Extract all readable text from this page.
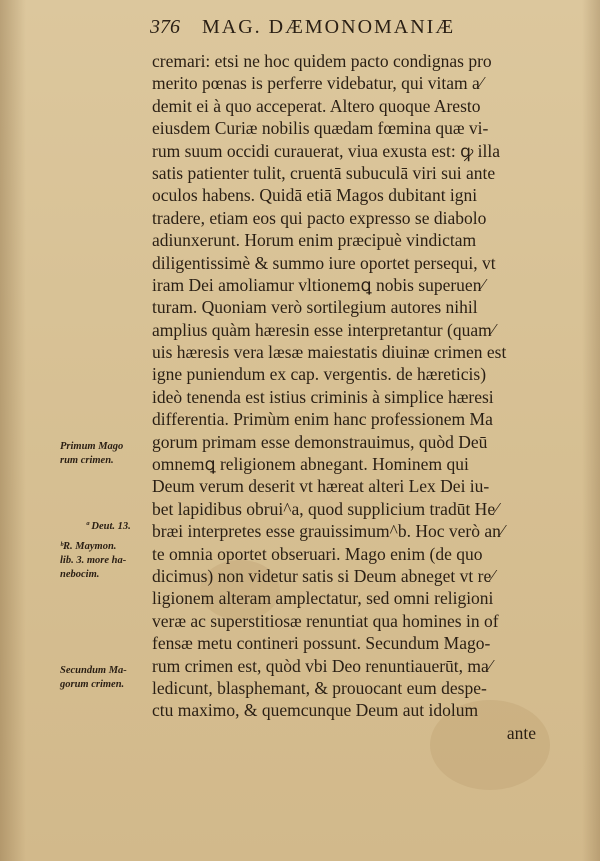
376 MAG. DÆMONOMANIÆ
cremari: etsi ne hoc quidem pacto condignas pro
merito pœnas is perferre videbatur, qui vitam a⁄
demit ei à quo acceperat. Altero quoque Aresto
eiusdem Curiæ nobilis quædam fœmina quæ vi-
rum suum occidi curauerat, viua exusta est: ꝙ illa
satis patienter tulit, cruentā subuculā viri sui ante
oculos habens. Quidā etiā Magos dubitant igni
tradere, etiam eos qui pacto expresso se diabolo
adiunxerunt. Horum enim præcipuè vindictam
diligentissimè & summo iure oportet persequi, vt
iram Dei amoliamur vltionemꝗ nobis superuen⁄
turam. Quoniam verò sortilegium autores nihil
amplius quàm hæresin esse interpretantur (quam⁄
uis hæresis vera læsæ maiestatis diuinæ crimen est
igne puniendum ex cap. vergentis. de hæreticis)
ideò tenenda est istius criminis à simplice hæresi
differentia. Primùm enim hanc professionem Ma
gorum primam esse demonstrauimus, quòd Deū
omnemꝗ religionem abnegant. Hominem qui
Deum verum deserit vt hæreat alteri Lex Dei iu-
bet lapidibus obrui^a, quod supplicium tradūt He⁄
bræi interpretes esse grauissimum^b. Hoc verò an⁄
te omnia oportet obseruari. Mago enim (de quo
dicimus) non videtur satis si Deum abneget vt re⁄
ligionem alteram amplectatur, sed omni religioni
veræ ac superstitiosæ renuntiat qua homines in of
fensæ metu contineri possunt. Secundum Mago-
rum crimen est, quòd vbi Deo renuntiauerūt, ma⁄
ledicunt, blasphemant, & prouocant eum despe-
ctu maximo, & quemcunque Deum aut idolum
ante
Primum Mago
rum crimen.
ª Deut. 13.
ᵇR. Maymon.
lib. 3. more ha-
nebocim.
Secundum Ma-
gorum crimen.
